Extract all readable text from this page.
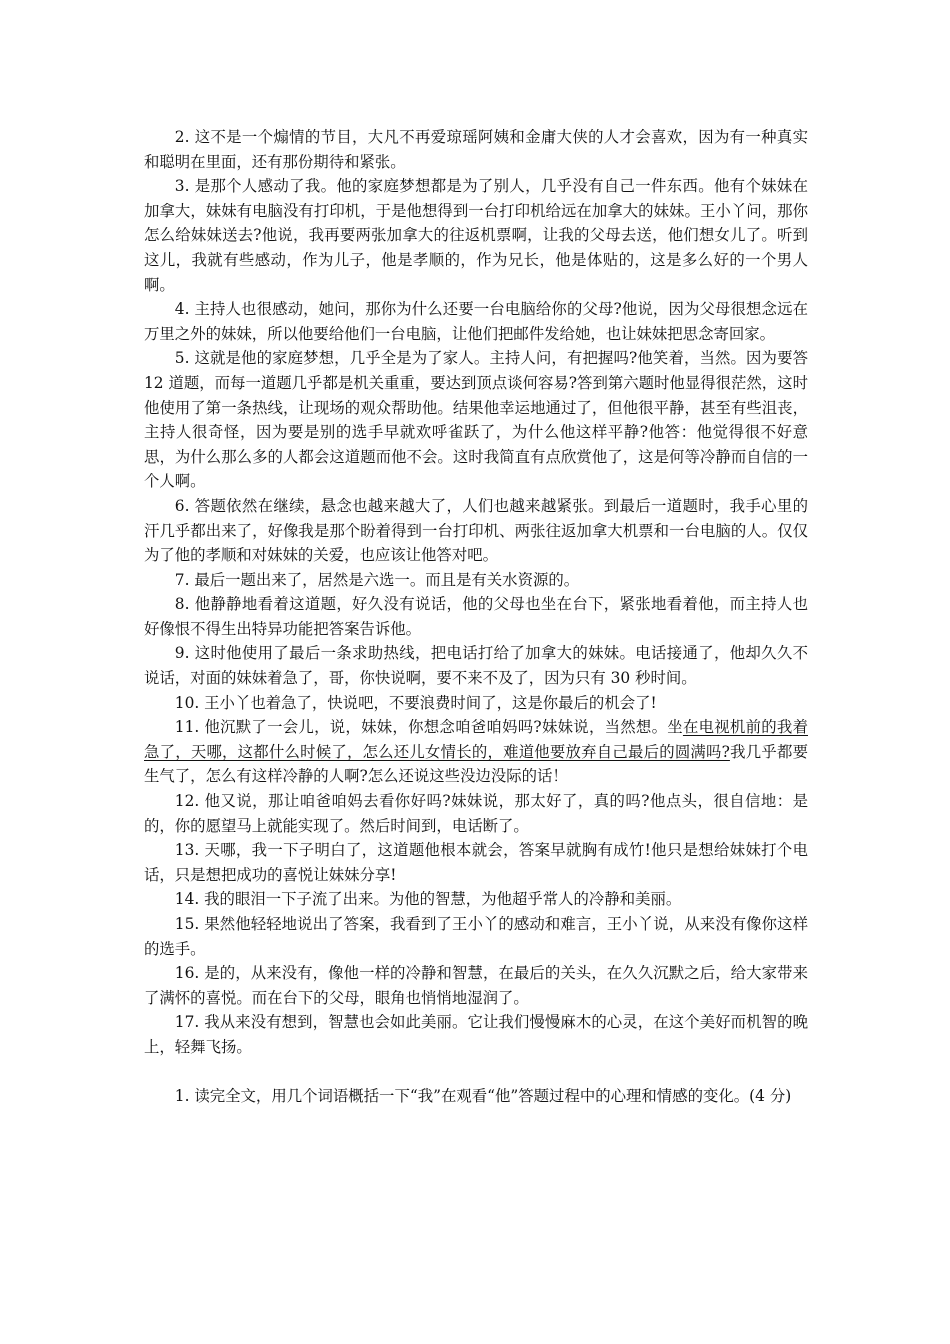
2. 这不是一个煽情的节目，大凡不再爱琼瑶阿姨和金庸大侠的人才会喜欢，因为有一种真实和聪明在里面，还有那份期待和紧张。

3. 是那个人感动了我。他的家庭梦想都是为了别人，几乎没有自己一件东西。他有个妹妹在加拿大，妹妹有电脑没有打印机，于是他想得到一台打印机给远在加拿大的妹妹。王小丫问，那你怎么给妹妹送去?他说，我再要两张加拿大的往返机票啊，让我的父母去送，他们想女儿了。听到这儿，我就有些感动，作为儿子，他是孝顺的，作为兄长，他是体贴的，这是多么好的一个男人啊。

4. 主持人也很感动，她问，那你为什么还要一台电脑给你的父母?他说，因为父母很想念远在万里之外的妹妹，所以他要给他们一台电脑，让他们把邮件发给她，也让妹妹把思念寄回家。

5. 这就是他的家庭梦想，几乎全是为了家人。主持人问，有把握吗?他笑着，当然。因为要答 12 道题，而每一道题几乎都是机关重重，要达到顶点谈何容易?答到第六题时他显得很茫然，这时他使用了第一条热线，让现场的观众帮助他。结果他幸运地通过了，但他很平静，甚至有些沮丧，主持人很奇怪，因为要是别的选手早就欢呼雀跃了，为什么他这样平静?他答：他觉得很不好意思，为什么那么多的人都会这道题而他不会。这时我简直有点欣赏他了，这是何等冷静而自信的一个人啊。

6. 答题依然在继续，悬念也越来越大了，人们也越来越紧张。到最后一道题时，我手心里的汗几乎都出来了，好像我是那个盼着得到一台打印机、两张往返加拿大机票和一台电脑的人。仅仅为了他的孝顺和对妹妹的关爱，也应该让他答对吧。

7. 最后一题出来了，居然是六选一。而且是有关水资源的。

8. 他静静地看着这道题，好久没有说话，他的父母也坐在台下，紧张地看着他，而主持人也好像恨不得生出特异功能把答案告诉他。

9. 这时他使用了最后一条求助热线，把电话打给了加拿大的妹妹。电话接通了，他却久久不说话，对面的妹妹着急了，哥，你快说啊，要不来不及了，因为只有 30 秒时间。

10. 王小丫也着急了，快说吧，不要浪费时间了，这是你最后的机会了!

11. 他沉默了一会儿，说，妹妹，你想念咱爸咱妈吗?妹妹说，当然想。坐在电视机前的我着急了，天哪，这都什么时候了，怎么还儿女情长的，难道他要放弃自己最后的圆满吗?我几乎都要生气了，怎么有这样冷静的人啊?怎么还说这些没边没际的话！

12. 他又说，那让咱爸咱妈去看你好吗?妹妹说，那太好了，真的吗?他点头，很自信地：是的，你的愿望马上就能实现了。然后时间到，电话断了。

13. 天哪，我一下子明白了，这道题他根本就会，答案早就胸有成竹!他只是想给妹妹打个电话，只是想把成功的喜悦让妹妹分享!

14. 我的眼泪一下子流了出来。为他的智慧，为他超乎常人的冷静和美丽。

15. 果然他轻轻地说出了答案，我看到了王小丫的感动和难言，王小丫说，从来没有像你这样的选手。

16. 是的，从来没有，像他一样的冷静和智慧，在最后的关头，在久久沉默之后，给大家带来了满怀的喜悦。而在台下的父母，眼角也悄悄地湿润了。

17. 我从来没有想到，智慧也会如此美丽。它让我们慢慢麻木的心灵，在这个美好而机智的晚上，轻舞飞扬。

1. 读完全文，用几个词语概括一下“我”在观看“他”答题过程中的心理和情感的变化。(4 分)
